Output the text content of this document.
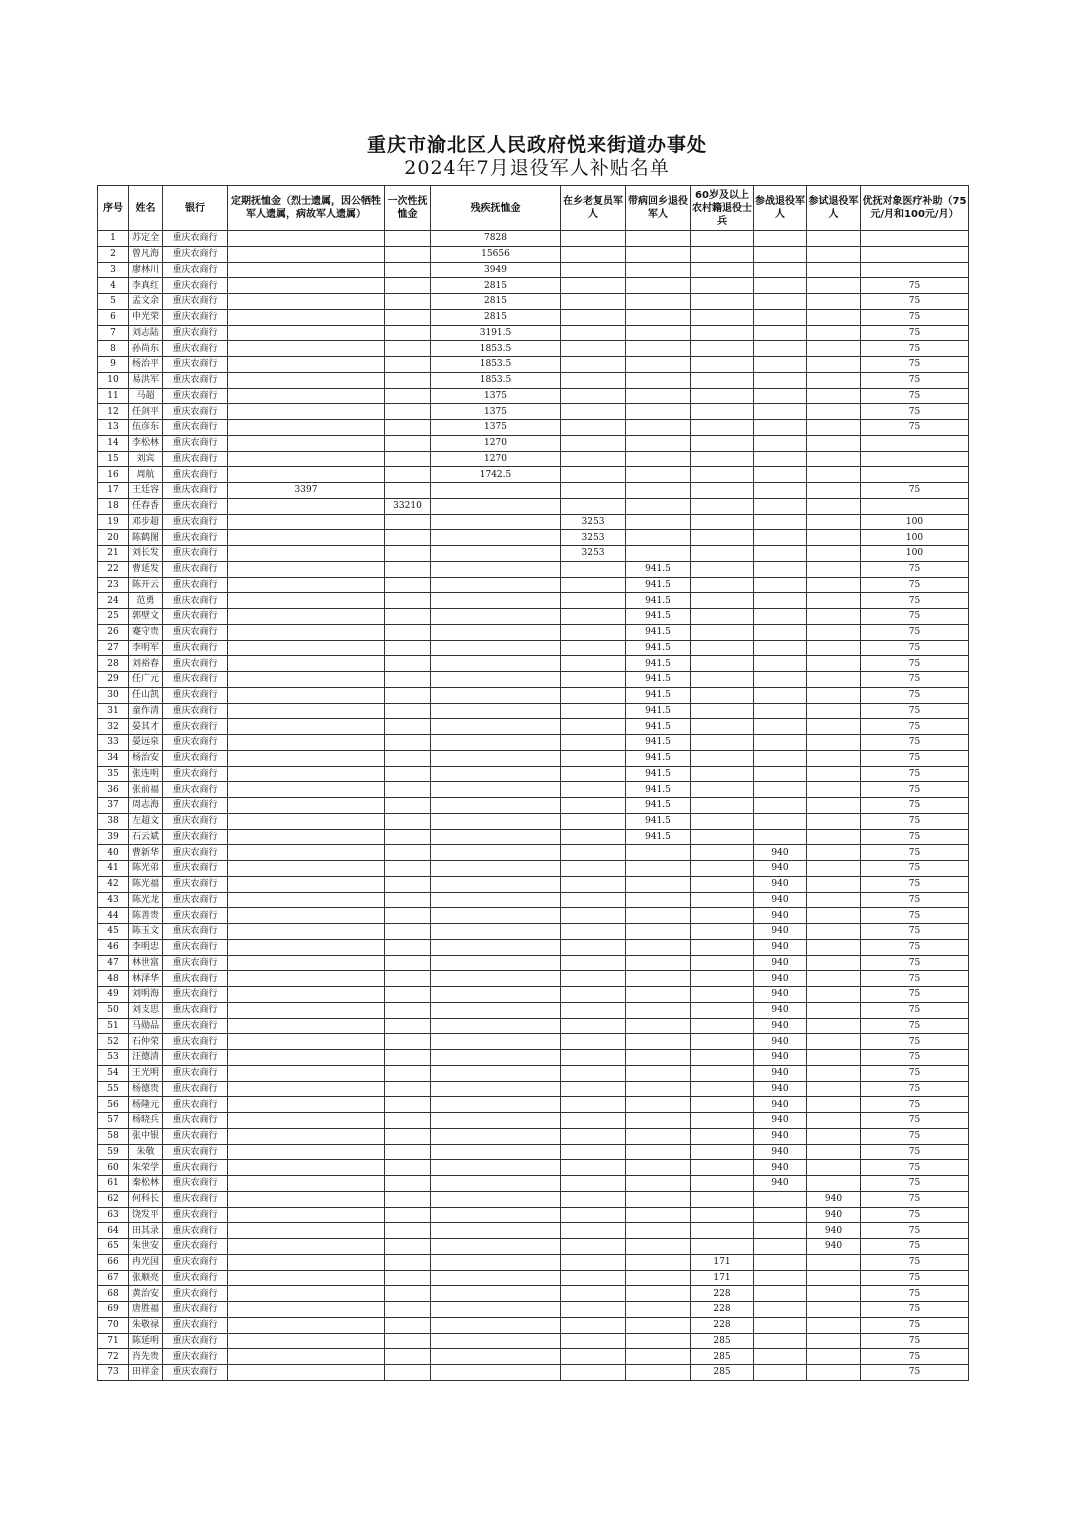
重庆市渝北区人民政府悦来街道办事处
2024年7月退役军人补贴名单
序号	姓名	银行	定期抚恤金（烈士遗属，因公牺牲军人遗属，病故军人遗属）	一次性抚恤金	残疾抚恤金	在乡老复员军人	带病回乡退役军人	60岁及以上农村籍退役士兵	参战退役军人	参试退役军人	优抚对象医疗补助（75元/月和100元/月）
1	苏定全	重庆农商行			7828						
2	曾凡海	重庆农商行			15656						
3	廖林川	重庆农商行			3949						
4	李真红	重庆农商行			2815						75
5	孟文余	重庆农商行			2815						75
6	申光荣	重庆农商行			2815						75
7	刘志陆	重庆农商行			3191.5						75
8	孙尚东	重庆农商行			1853.5						75
9	杨治平	重庆农商行			1853.5						75
10	易洪军	重庆农商行			1853.5						75
11	马超	重庆农商行			1375						75
12	任剑平	重庆农商行			1375						75
13	伍彦东	重庆农商行			1375						75
14	李松林	重庆农商行			1270						
15	刘宾	重庆农商行			1270						
16	周航	重庆农商行			1742.5						
17	王廷容	重庆农商行	3397								75
18	任春香	重庆农商行		33210							
19	邓步超	重庆农商行				3253					100
20	陈鹤图	重庆农商行				3253					100
21	刘长发	重庆农商行				3253					100
22	曹延发	重庆农商行					941.5				75
23	陈开云	重庆农商行					941.5				75
24	范勇	重庆农商行					941.5				75
25	郭壁文	重庆农商行					941.5				75
26	蹇守贵	重庆农商行					941.5				75
27	李明军	重庆农商行					941.5				75
28	刘裕春	重庆农商行					941.5				75
29	任广元	重庆农商行					941.5				75
30	任山凯	重庆农商行					941.5				75
31	童作清	重庆农商行					941.5				75
32	晏其才	重庆农商行					941.5				75
33	晏远泉	重庆农商行					941.5				75
34	杨治安	重庆农商行					941.5				75
35	张连明	重庆农商行					941.5				75
36	张前福	重庆农商行					941.5				75
37	周志海	重庆农商行					941.5				75
38	左超文	重庆农商行					941.5				75
39	石云斌	重庆农商行					941.5				75
40	曹新华	重庆农商行							940		75
41	陈光弟	重庆农商行							940		75
42	陈光福	重庆农商行							940		75
43	陈光龙	重庆农商行							940		75
44	陈善贵	重庆农商行							940		75
45	陈玉文	重庆农商行							940		75
46	李明忠	重庆农商行							940		75
47	林世富	重庆农商行							940		75
48	林泽华	重庆农商行							940		75
49	刘明海	重庆农商行							940		75
50	刘支思	重庆农商行							940		75
51	马勋品	重庆农商行							940		75
52	石仲荣	重庆农商行							940		75
53	汪德清	重庆农商行							940		75
54	王光明	重庆农商行							940		75
55	杨德贵	重庆农商行							940		75
56	杨隆元	重庆农商行							940		75
57	杨晓兵	重庆农商行							940		75
58	张中银	重庆农商行							940		75
59	朱敬	重庆农商行							940		75
60	朱荣学	重庆农商行							940		75
61	秦松林	重庆农商行							940		75
62	何科长	重庆农商行								940	75
63	饶发平	重庆农商行								940	75
64	田其录	重庆农商行								940	75
65	朱世安	重庆农商行								940	75
66	冉光国	重庆农商行						171			75
67	张顺亮	重庆农商行						171			75
68	黄治安	重庆农商行						228			75
69	唐胜福	重庆农商行						228			75
70	朱敬禄	重庆农商行						228			75
71	陈延明	重庆农商行						285			75
72	肖先贵	重庆农商行						285			75
73	田祥金	重庆农商行						285			75
